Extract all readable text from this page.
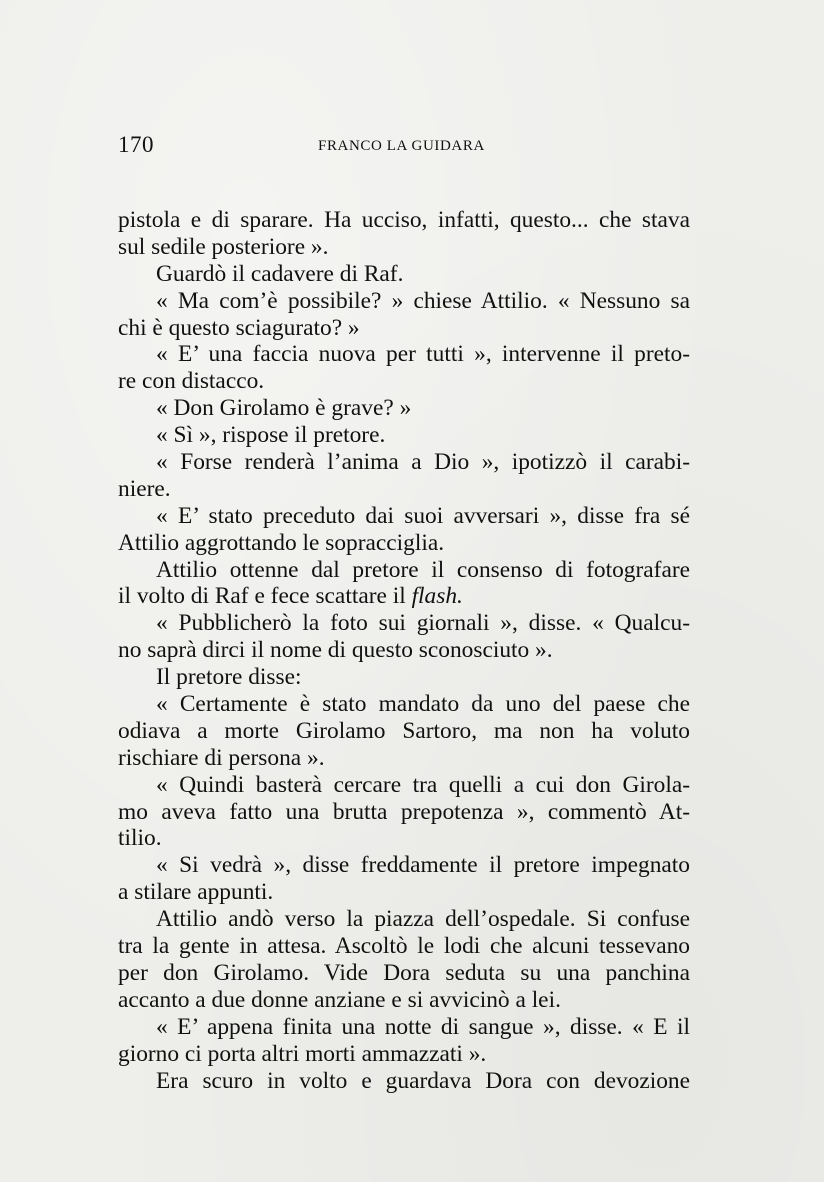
170	FRANCO LA GUIDARA
pistola e di sparare. Ha ucciso, infatti, questo... che stava
sul sedile posteriore ».
Guardò il cadavere di Raf.
« Ma com’è possibile? » chiese Attilio. « Nessuno sa
chi è questo sciagurato? »
« E’ una faccia nuova per tutti », intervenne il preto-
re con distacco.
« Don Girolamo è grave? »
« Sì », rispose il pretore.
« Forse renderà l’anima a Dio », ipotizzò il carabi-
niere.
« E’ stato preceduto dai suoi avversari », disse fra sé
Attilio aggrottando le sopracciglia.
Attilio ottenne dal pretore il consenso di fotografare
il volto di Raf e fece scattare il flash.
« Pubblicherò la foto sui giornali », disse. « Qualcu-
no saprà dirci il nome di questo sconosciuto ».
Il pretore disse:
« Certamente è stato mandato da uno del paese che
odiava a morte Girolamo Sartoro, ma non ha voluto
rischiare di persona ».
« Quindi basterà cercare tra quelli a cui don Girola-
mo aveva fatto una brutta prepotenza », commentò At-
tilio.
« Si vedrà », disse freddamente il pretore impegnato
a stilare appunti.
Attilio andò verso la piazza dell’ospedale. Si confuse
tra la gente in attesa. Ascoltò le lodi che alcuni tessevano
per don Girolamo. Vide Dora seduta su una panchina
accanto a due donne anziane e si avvicinò a lei.
« E’ appena finita una notte di sangue », disse. « E il
giorno ci porta altri morti ammazzati ».
Era scuro in volto e guardava Dora con devozione
